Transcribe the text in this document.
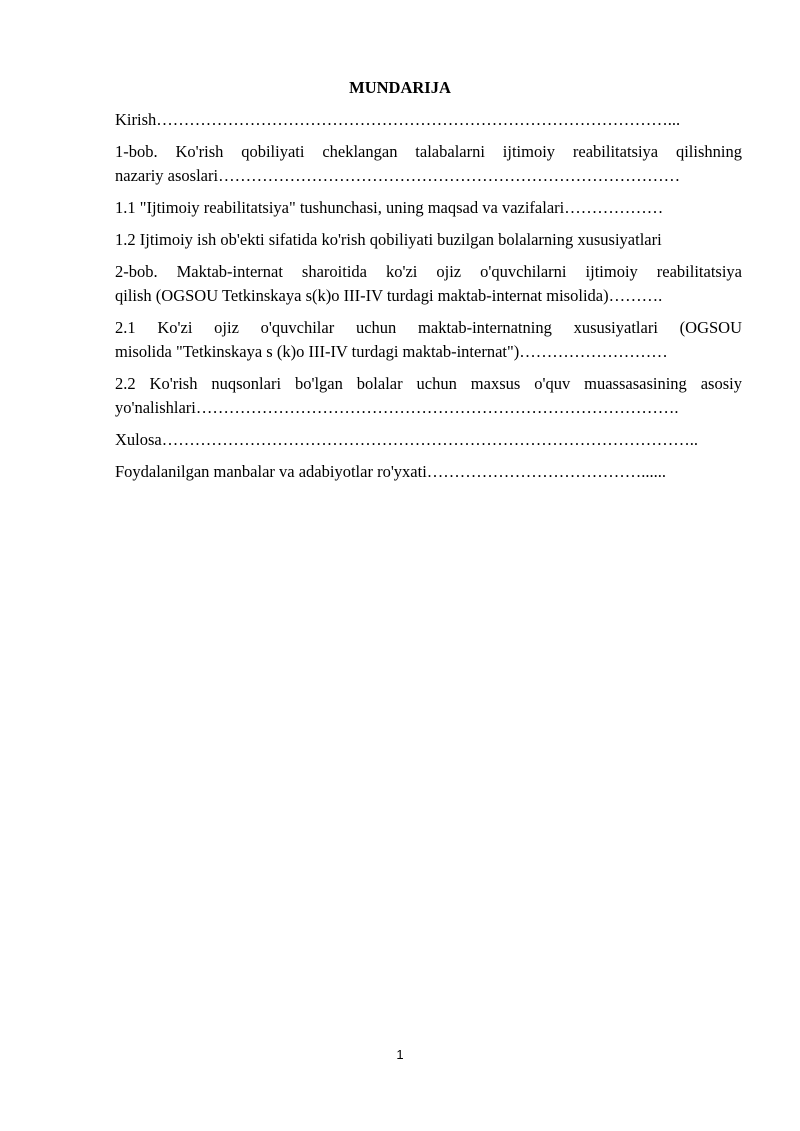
MUNDARIJA
Kirish…………………………………………………………………………………...
1-bob. Ko'rish qobiliyati cheklangan talabalarni ijtimoiy reabilitatsiya qilishning
nazariy asoslari…………………………………………………………………………
1.1 "Ijtimoiy reabilitatsiya" tushunchasi, uning maqsad va vazifalari………………
1.2 Ijtimoiy ish ob'ekti sifatida ko'rish qobiliyati buzilgan bolalarning xususiyatlari
2-bob. Maktab-internat sharoitida ko'zi ojiz o'quvchilarni ijtimoiy reabilitatsiya
qilish (OGSOU Tetkinskaya s(k)o III-IV turdagi maktab-internat misolida)……….
2.1 Ko'zi ojiz o'quvchilar uchun maktab-internatning xususiyatlari (OGSOU
misolida "Tetkinskaya s (k)o III-IV turdagi maktab-internat")………………………
2.2 Ko'rish nuqsonlari bo'lgan bolalar uchun maxsus o'quv muassasasining asosiy
yo'nalishlari…………………………………………………………………………….
Xulosa……………………………………………………………………………………..
Foydalanilgan manbalar va adabiyotlar ro'yxati…………………………………......
1
